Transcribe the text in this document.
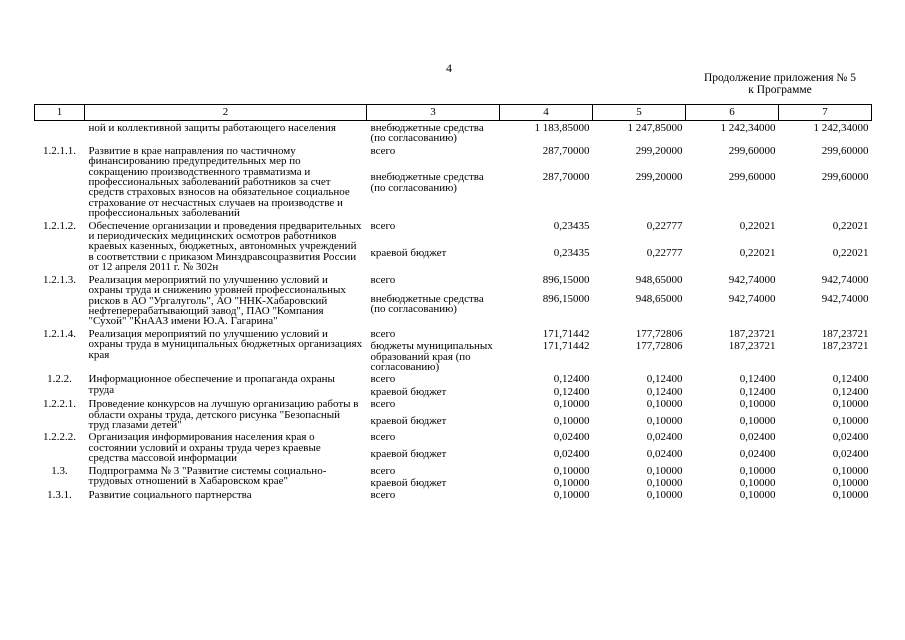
4
Продолжение приложения № 5
к Программе
1	2	3	4	5	6	7
	ной и коллективной защиты работающего населения	внебюджетные средства (по согласованию)	1 183,85000	1 247,85000	1 242,34000	1 242,34000
1.2.1.1.	Развитие в крае направления по частичному финансированию предупредительных мер по сокращению производственного травматизма и профессиональных заболеваний работников за счет средств страховых взносов на обязательное социальное страхование от несчастных случаев на производстве и профессиональных заболеваний	всего	287,70000	299,20000	299,60000	299,60000
		внебюджетные средства (по согласованию)	287,70000	299,20000	299,60000	299,60000
1.2.1.2.	Обеспечение организации и проведения предварительных и периодических медицинских осмотров работников краевых казенных, бюджетных, автономных учреждений в соответствии с приказом Минздравсоцразвития России от 12 апреля 2011 г. № 302н	всего	0,23435	0,22777	0,22021	0,22021
		краевой бюджет	0,23435	0,22777	0,22021	0,22021
1.2.1.3.	Реализация мероприятий по улучшению условий и охраны труда и снижению уровней профессиональных рисков в АО "Ургалуголь", АО "ННК-Хабаровский нефтеперерабатывающий завод", ПАО "Компания "Сухой" "КнААЗ имени Ю.А. Гагарина"	всего	896,15000	948,65000	942,74000	942,74000
		внебюджетные средства (по согласованию)	896,15000	948,65000	942,74000	942,74000
1.2.1.4.	Реализация мероприятий по улучшению условий и охраны труда в муниципальных бюджетных организациях края	всего	171,71442	177,72806	187,23721	187,23721
		бюджеты муниципальных образований края (по согласованию)	171,71442	177,72806	187,23721	187,23721
1.2.2.	Информационное обеспечение и пропаганда охраны труда	всего	0,12400	0,12400	0,12400	0,12400
		краевой бюджет	0,12400	0,12400	0,12400	0,12400
1.2.2.1.	Проведение конкурсов на лучшую организацию работы в области охраны труда, детского рисунка "Безопасный труд глазами детей"	всего	0,10000	0,10000	0,10000	0,10000
		краевой бюджет	0,10000	0,10000	0,10000	0,10000
1.2.2.2.	Организация информирования населения края о состоянии условий и охраны труда через краевые средства массовой информации	всего	0,02400	0,02400	0,02400	0,02400
		краевой бюджет	0,02400	0,02400	0,02400	0,02400
1.3.	Подпрограмма № 3 "Развитие системы социально-трудовых отношений в Хабаровском крае"	всего	0,10000	0,10000	0,10000	0,10000
		краевой бюджет	0,10000	0,10000	0,10000	0,10000
1.3.1.	Развитие социального партнерства	всего	0,10000	0,10000	0,10000	0,10000
